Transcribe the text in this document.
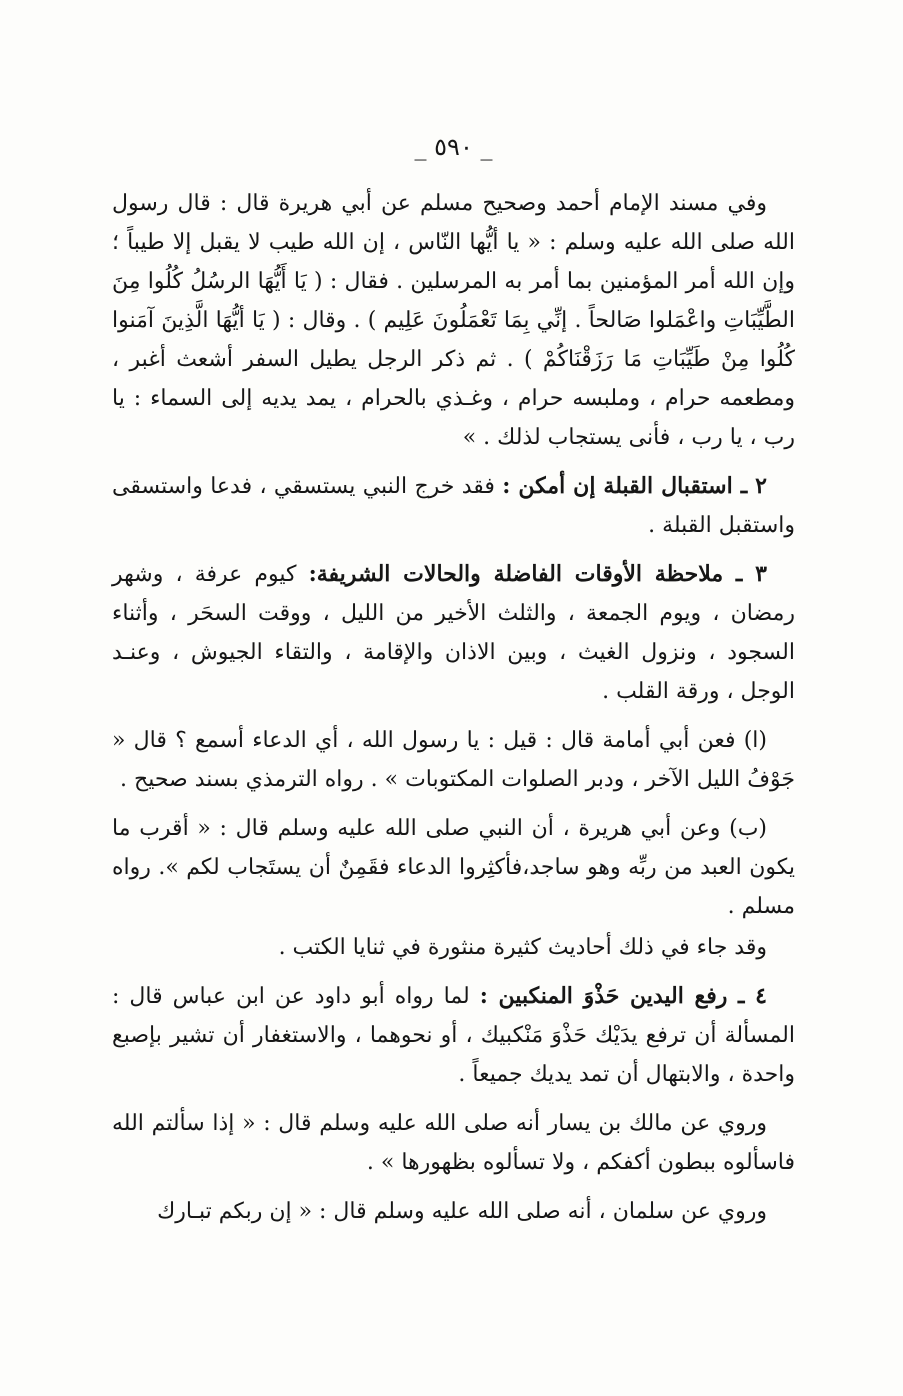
_ ٥٩٠ _

وفي مسند الإمام أحمد وصحيح مسلم عن أبي هريرة قال : قال رسول الله صلى الله عليه وسلم : « يا أيُّها النّاس ، إن الله طيب لا يقبل إلا طيباً ؛ وإن الله أمر المؤمنين بما أمر به المرسلين . فقال : ( يَا أَيُّهَا الرسُلُ كُلُوا مِنَ الطَّيِّبَاتِ واعْمَلوا صَالحاً . إنِّي بِمَا تَعْمَلُونَ عَلِيم ) . وقال : ( يَا أيُّهَا الَّذِينَ آمَنوا كُلُوا مِنْ طَيِّبَاتِ مَا رَزَقْنَاكُمْ ) . ثم ذكر الرجل يطيل السفر أشعث أغبر ، ومطعمه حرام ، وملبسه حرام ، وغـذي بالحرام ، يمد يديه إلى السماء : يا رب ، يا رب ، فأنى يستجاب لذلك . »

٢ ـ استقبال القبلة إن أمكن : فقد خرج النبي يستسقي ، فدعا واستسقى واستقبل القبلة .

٣ ـ ملاحظة الأوقات الفاضلة والحالات الشريفة: كيوم عرفة ، وشهر رمضان ، ويوم الجمعة ، والثلث الأخير من الليل ، ووقت السحَر ، وأثناء السجود ، ونزول الغيث ، وبين الاذان والإقامة ، والتقاء الجيوش ، وعنـد الوجل ، ورقة القلب .

(ا) فعن أبي أمامة قال : قيل : يا رسول الله ، أي الدعاء أسمع ؟ قال « جَوْفُ الليل الآخر ، ودبر الصلوات المكتوبات » . رواه الترمذي بسند صحيح .

(ب) وعن أبي هريرة ، أن النبي صلى الله عليه وسلم قال : « أقرب ما يكون العبد من ربِّه وهو ساجد،فأكثِروا الدعاء فقَمِنٌ أن يستَجاب لكم ». رواه مسلم .

وقد جاء في ذلك أحاديث كثيرة منثورة في ثنايا الكتب .

٤ ـ رفع اليدين حَذْوَ المنكبين : لما رواه أبو داود عن ابن عباس قال : المسألة أن ترفع يدَيْك حَذْوَ مَنْكبيك ، أو نحوهما ، والاستغفار أن تشير بإصبع واحدة ، والابتهال أن تمد يديك جميعاً .

وروي عن مالك بن يسار أنه صلى الله عليه وسلم قال : « إذا سألتم الله فاسألوه ببطون أكفكم ، ولا تسألوه بظهورها » .

وروي عن سلمان ، أنه صلى الله عليه وسلم قال : « إن ربكم تبـارك
